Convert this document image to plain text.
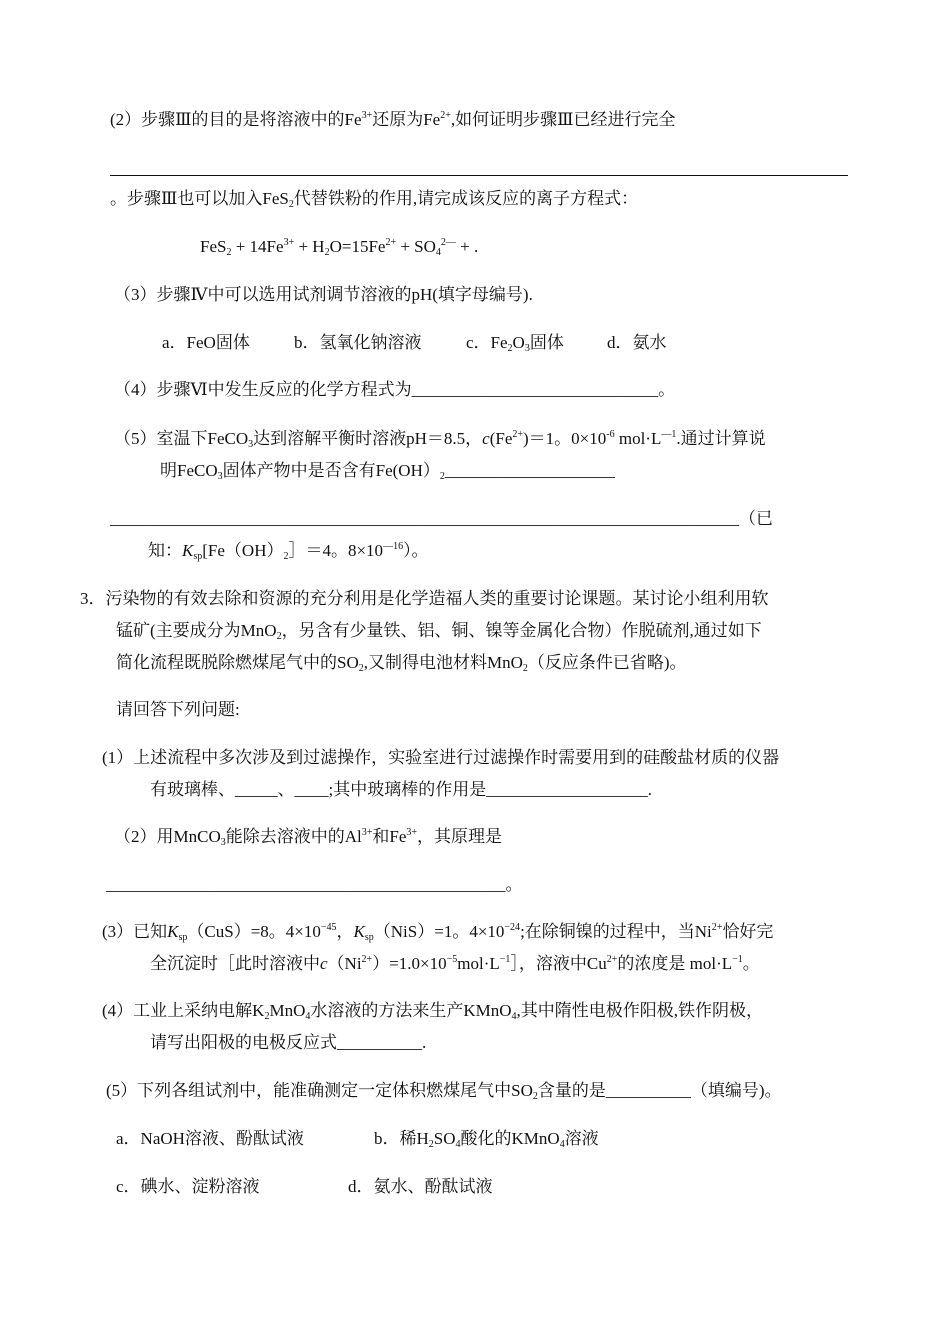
(2）步骤Ⅲ的目的是将溶液中的$Fe^{3+}$还原为$Fe^{2+}$,如何证明步骤Ⅲ已经进行完全
。步骤Ⅲ也可以加入FeS$_2$代替铁粉的作用,请完成该反应的离子方程式：
$FeS_2 + 14Fe^{3+} + H_2O=15Fe^{2+} + SO_4^{2—}$ + .
（3）步骤Ⅳ中可以选用试剂调节溶液的pH(填字母编号).
a．FeO固体	b．氢氧化钠溶液	c．$Fe_2O_3$固体	d．氨水
（4）步骤Ⅵ中发生反应的化学方程式为_____________________________。
（5）室温下FeCO$_3$达到溶解平衡时溶液pH＝8.5，$c(Fe^{2+})=1$。$0\times 10^{-6}$ $mol\cdot L^{—1}$.通过计算说
明FeCO$_3$固体产物中是否含有$Fe(OH)_2\_\_\_\_\_\_\_\_\_\_\_\_\_\_\_\_\_\_\_\_$
__________________________________________________________________________（已
知：$K_{sp}[Fe(OH)_2]=4$。$8\times 10^{—16}$）。
3．污染物的有效去除和资源的充分利用是化学造福人类的重要讨论课题。某讨论小组利用软
锰矿(主要成分为MnO$_2$，另含有少量铁、铝、铜、镍等金属化合物）作脱硫剂,通过如下
简化流程既脱除燃煤尾气中的$SO_2$,又制得电池材料MnO$_2$（反应条件已省略)。
请回答下列问题:
(1）上述流程中多次涉及到过滤操作，实验室进行过滤操作时需要用到的硅酸盐材质的仪器
有玻璃棒、_____、____;其中玻璃棒的作用是___________________.
（2）用MnCO$_3$能除去溶液中的$Al^{3+}$和$Fe^{3+}$，其原理是
_______________________________________________。
(3）已知$K_{sp}(CuS)=8$。$4\times 10^{-45}$，$K_{sp}(NiS)=1$。$4\times 10^{-24}$;在除铜镍的过程中，当$Ni^{2+}$恰好完
全沉淀时［此时溶液中$c(Ni^{2+})=1.0\times 10^{-5}mol\cdot L^{-1}]$，溶液中$Cu^{2+}$的浓度是 $mol\cdot L^{-1}$。
(4）工业上采纳电解$K_2MnO_4$水溶液的方法来生产KMnO$_4$,其中隋性电极作阳极,铁作阴极，
请写出阳极的电极反应式__________.
(5）下列各组试剂中，能准确测定一定体积燃煤尾气中$SO_2$含量的是__________（填编号)。
a．NaOH溶液、酚酞试液	b．稀$H_2SO_4$酸化的KMnO$_4$溶液
c．碘水、淀粉溶液	d．氨水、酚酞试液
